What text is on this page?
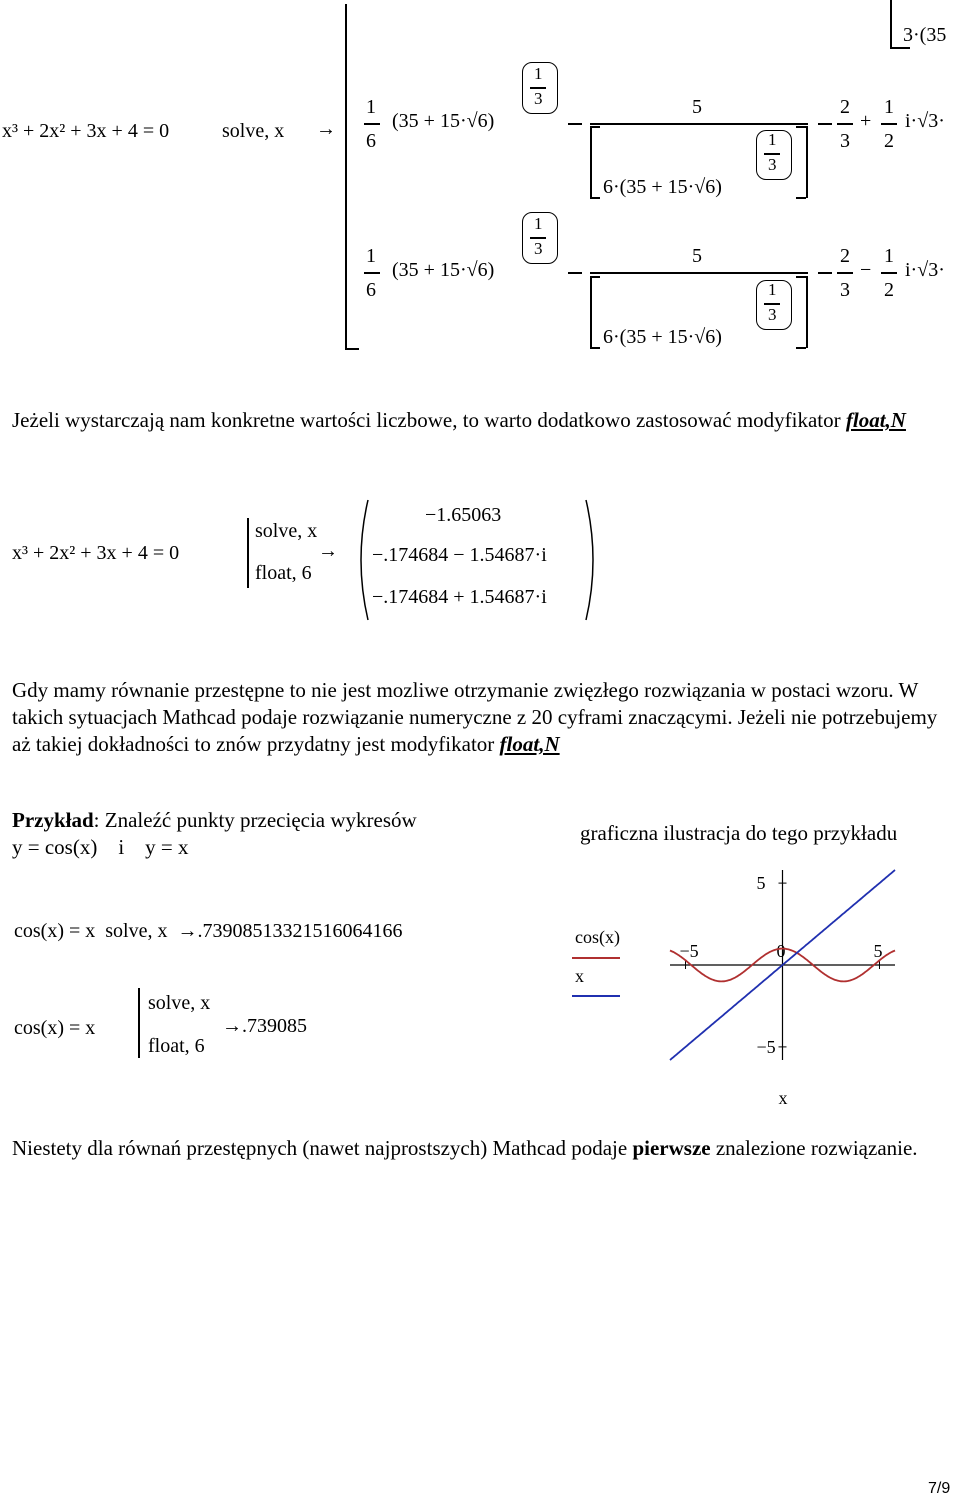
3·(35
x³ + 2x² + 3x + 4 = 0	solve, x →
1
6
(35 + 15·√6)
1
3	5
6·(35 + 15·√6)
1
3
2
3
+
1
2
i·√3·
1
6
(35 + 15·√6)
1
3	5
6·(35 + 15·√6)
1
3
2
3
−
1
2
i·√3·
Jeżeli wystarczają nam konkretne wartości liczbowe, to warto dodatkowo zastosować modyfikator float,N
x³ + 2x² + 3x + 4 = 0
solve, x
float, 6
→
−1.65063
−.174684 − 1.54687·i
−.174684 + 1.54687·i
Gdy mamy równanie przestępne to nie jest mozliwe otrzymanie zwięzłego rozwiązania w postaci wzoru. W takich sytuacjach Mathcad podaje rozwiązanie numeryczne z 20 cyframi znaczącymi. Jeżeli nie potrzebujemy aż takiej dokładności to znów przydatny jest modyfikator float,N
Przykład: Znaleźć punkty przecięcia wykresów
y = cos(x)    i    y = x
graficzna ilustracja do tego przykładu
cos(x) = x  solve, x  →.73908513321516064166
cos(x) = x
solve, x
float, 6
→.739085
cos(x)
x
−5	0	5
5
−5
x
Niestety dla równań przestępnych (nawet najprostszych) Mathcad podaje pierwsze znalezione rozwiązanie.
7/9
